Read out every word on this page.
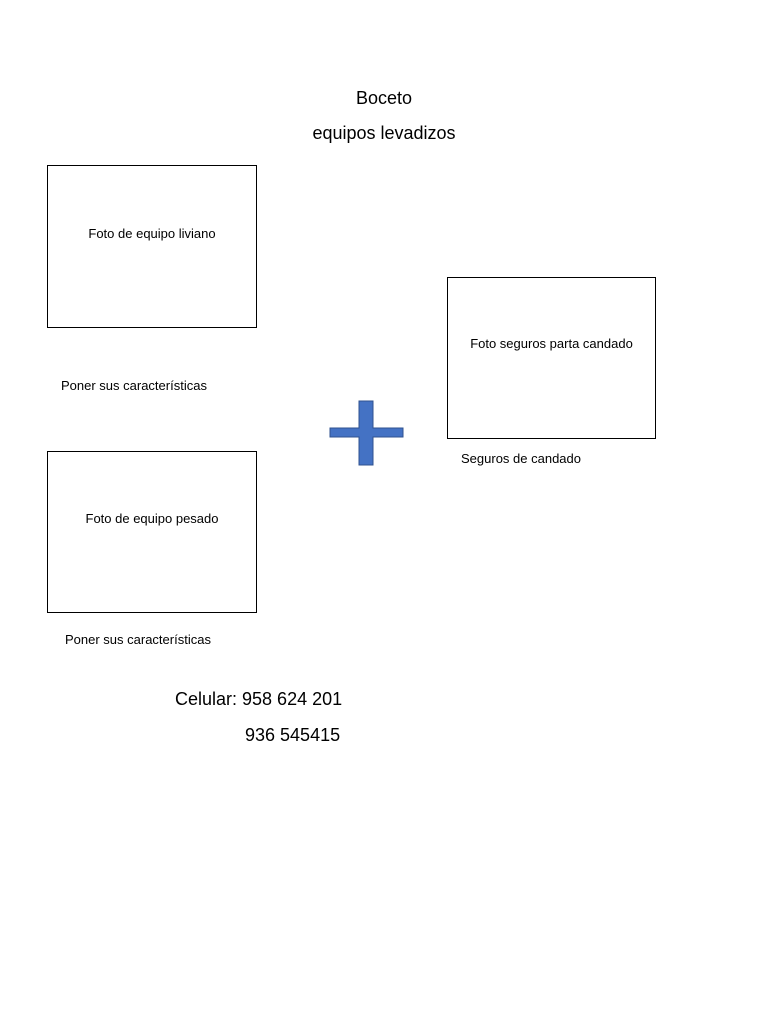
Boceto
equipos levadizos
Foto de equipo liviano
Poner sus características
Foto seguros parta candado
Seguros de candado
Foto de equipo pesado
Poner sus características
Celular: 958 624 201
936 545415
